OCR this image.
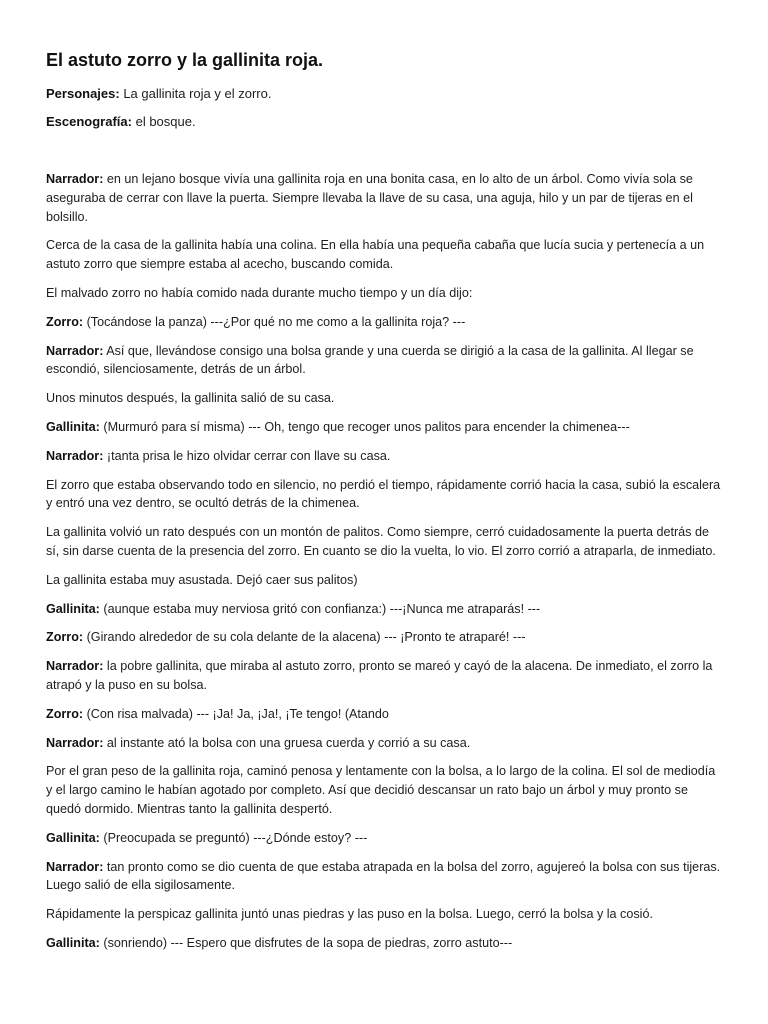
El astuto zorro y la gallinita roja.

Personajes: La gallinita roja y el zorro.

Escenografía: el bosque.

Narrador: en un lejano bosque vivía una gallinita roja en una bonita casa, en lo alto de un árbol. Como vivía sola se aseguraba de cerrar con llave la puerta. Siempre llevaba la llave de su casa, una aguja, hilo y un par de tijeras en el bolsillo.

Cerca de la casa de la gallinita había una colina. En ella había una pequeña cabaña que lucía sucia y pertenecía a un astuto zorro que siempre estaba al acecho, buscando comida.

El malvado zorro no había comido nada durante mucho tiempo y un día dijo:

Zorro: (Tocándose la panza) ---¿Por qué no me como a la gallinita roja? ---

Narrador: Así que, llevándose consigo una bolsa grande y una cuerda se dirigió a la casa de la gallinita. Al llegar se escondió, silenciosamente, detrás de un árbol.

Unos minutos después, la gallinita salió de su casa.

Gallinita: (Murmuró para sí misma) --- Oh, tengo que recoger unos palitos para encender la chimenea---

Narrador: ¡tanta prisa le hizo olvidar cerrar con llave su casa.

El zorro que estaba observando todo en silencio, no perdió el tiempo, rápidamente corrió hacia la casa, subió la escalera y entró una vez dentro, se ocultó detrás de la chimenea.

La gallinita volvió un rato después con un montón de palitos. Como siempre, cerró cuidadosamente la puerta detrás de sí, sin darse cuenta de la presencia del zorro. En cuanto se dio la vuelta, lo vio. El zorro corrió a atraparla, de inmediato.

La gallinita estaba muy asustada. Dejó caer sus palitos)

Gallinita: (aunque estaba muy nerviosa gritó con confianza:) ---¡Nunca me atraparás! ---

Zorro: (Girando alrededor de su cola delante de la alacena) --- ¡Pronto te atraparé! ---

Narrador: la pobre gallinita, que miraba al astuto zorro, pronto se mareó y cayó de la alacena. De inmediato, el zorro la atrapó y la puso en su bolsa.

Zorro: (Con risa malvada) --- ¡Ja! Ja, ¡Ja!, ¡Te tengo! (Atando

Narrador: al instante ató la bolsa con una gruesa cuerda y corrió a su casa.

Por el gran peso de la gallinita roja, caminó penosa y lentamente con la bolsa, a lo largo de la colina. El sol de mediodía y el largo camino le habían agotado por completo. Así que decidió descansar un rato bajo un árbol y muy pronto se quedó dormido. Mientras tanto la gallinita despertó.

Gallinita: (Preocupada se preguntó) ---¿Dónde estoy? ---

Narrador: tan pronto como se dio cuenta de que estaba atrapada en la bolsa del zorro, agujereó la bolsa con sus tijeras. Luego salió de ella sigilosamente.

Rápidamente la perspicaz gallinita juntó unas piedras y las puso en la bolsa. Luego, cerró la bolsa y la cosió.

Gallinita: (sonriendo) --- Espero que disfrutes de la sopa de piedras, zorro astuto---
